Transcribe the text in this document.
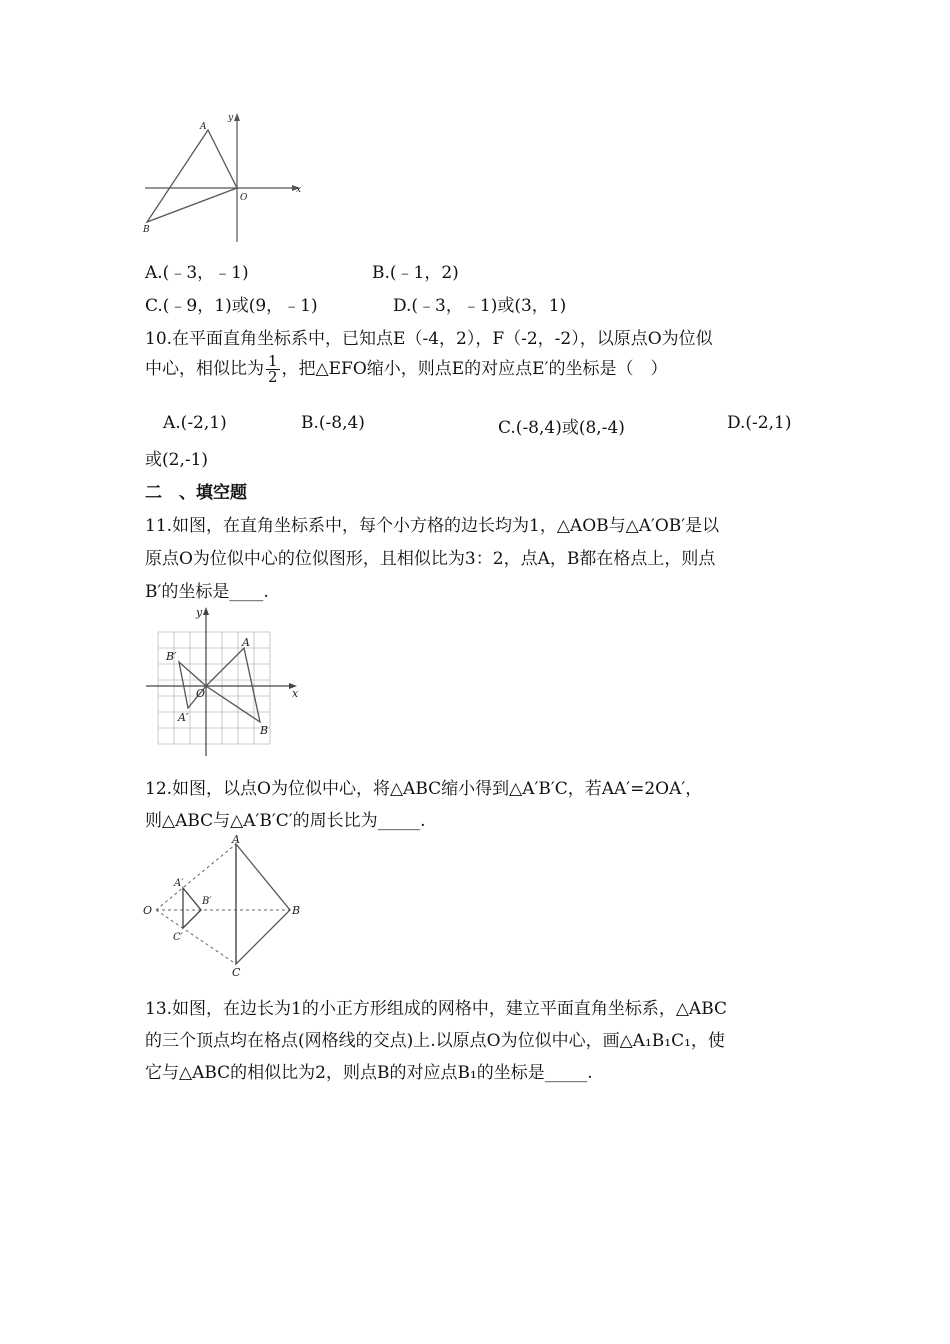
A
B
O
x
y
A.(﹣3，﹣1)	B.(﹣1，2)
C.(﹣9，1)或(9，﹣1)	D.(﹣3，﹣1)或(3，1)
10.在平面直角坐标系中，已知点E（-4，2），F（-2，-2），以原点O为位似
中心，相似比为 $\frac{1}{2}$ ，把△EFO缩小，则点E的对应点E′的坐标是（　）
A.(-2,1)	B.(-8,4)	C.(-8,4)或(8,-4)	D.(-2,1)
或(2,-1)
二　、填空题
11.如图，在直角坐标系中，每个小方格的边长均为1，△AOB与△A′OB′是以
原点O为位似中心的位似图形，且相似比为3：2，点A，B都在格点上，则点
B′的坐标是____.
A
B
A′
B′
O	x
y
12.如图，以点O为位似中心，将△ABC缩小得到△A′B′C，若AA′=2OA′，
则△ABC与△A′B′C′的周长比为_____.
A
B
C
A′
B′
C′
O
13.如图，在边长为1的小正方形组成的网格中，建立平面直角坐标系，△ABC
的三个顶点均在格点(网格线的交点)上.以原点O为位似中心，画△A₁B₁C₁，使
它与△ABC的相似比为2，则点B的对应点B₁的坐标是_____.
